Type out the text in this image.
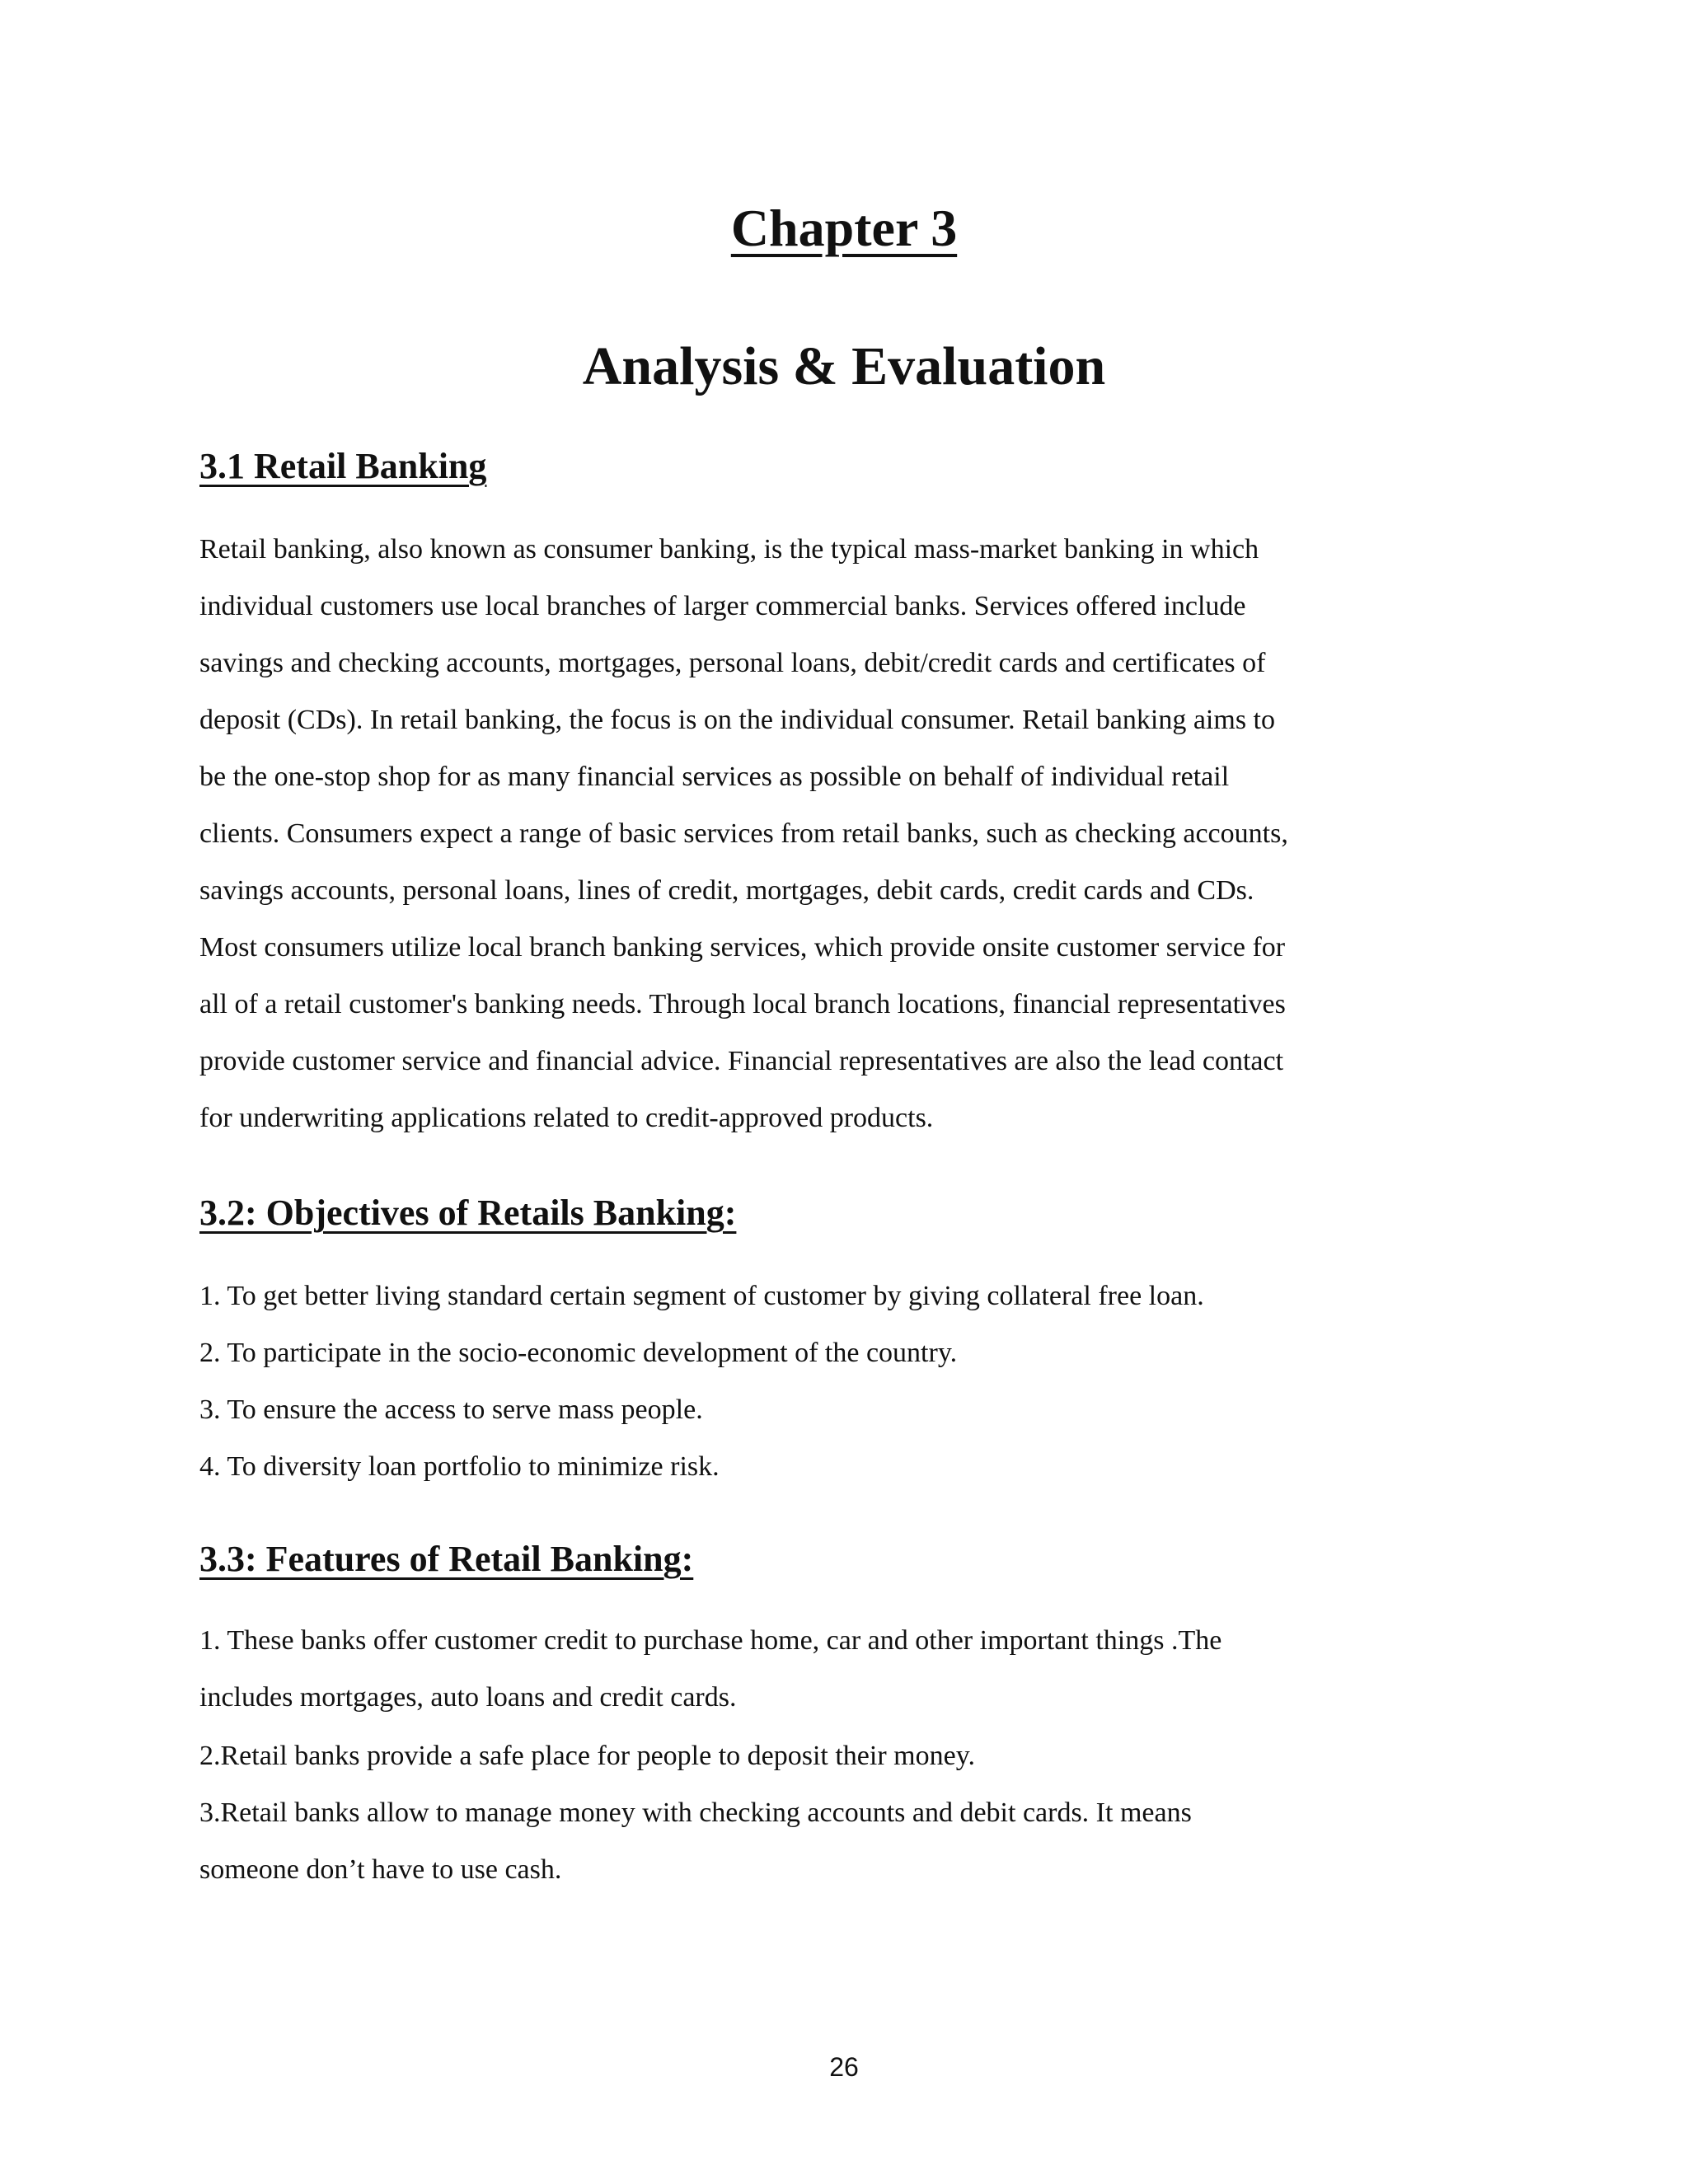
Chapter 3
Analysis & Evaluation
3.1 Retail Banking
Retail banking, also known as consumer banking, is the typical mass-market banking in which
individual customers use local branches of larger commercial banks. Services offered include
savings and checking accounts, mortgages, personal loans, debit/credit cards and certificates of
deposit (CDs). In retail banking, the focus is on the individual consumer. Retail banking aims to
be the one-stop shop for as many financial services as possible on behalf of individual retail
clients. Consumers expect a range of basic services from retail banks, such as checking accounts,
savings accounts, personal loans, lines of credit, mortgages, debit cards, credit cards and CDs.
Most consumers utilize local branch banking services, which provide onsite customer service for
all of a retail customer's banking needs. Through local branch locations, financial representatives
provide customer service and financial advice. Financial representatives are also the lead contact
for underwriting applications related to credit-approved products.
3.2: Objectives of Retails Banking:
1. To get better living standard certain segment of customer by giving collateral free loan.
2. To participate in the socio-economic development of the country.
3. To ensure the access to serve mass people.
4. To diversity loan portfolio to minimize risk.
3.3: Features of Retail Banking:
1. These banks offer customer credit to purchase home, car and other important things .The
includes mortgages, auto loans and credit cards.
2.Retail banks provide a safe place for people to deposit their money.
3.Retail banks allow to manage money with checking accounts and debit cards. It means
someone don’t have to use cash.
26
